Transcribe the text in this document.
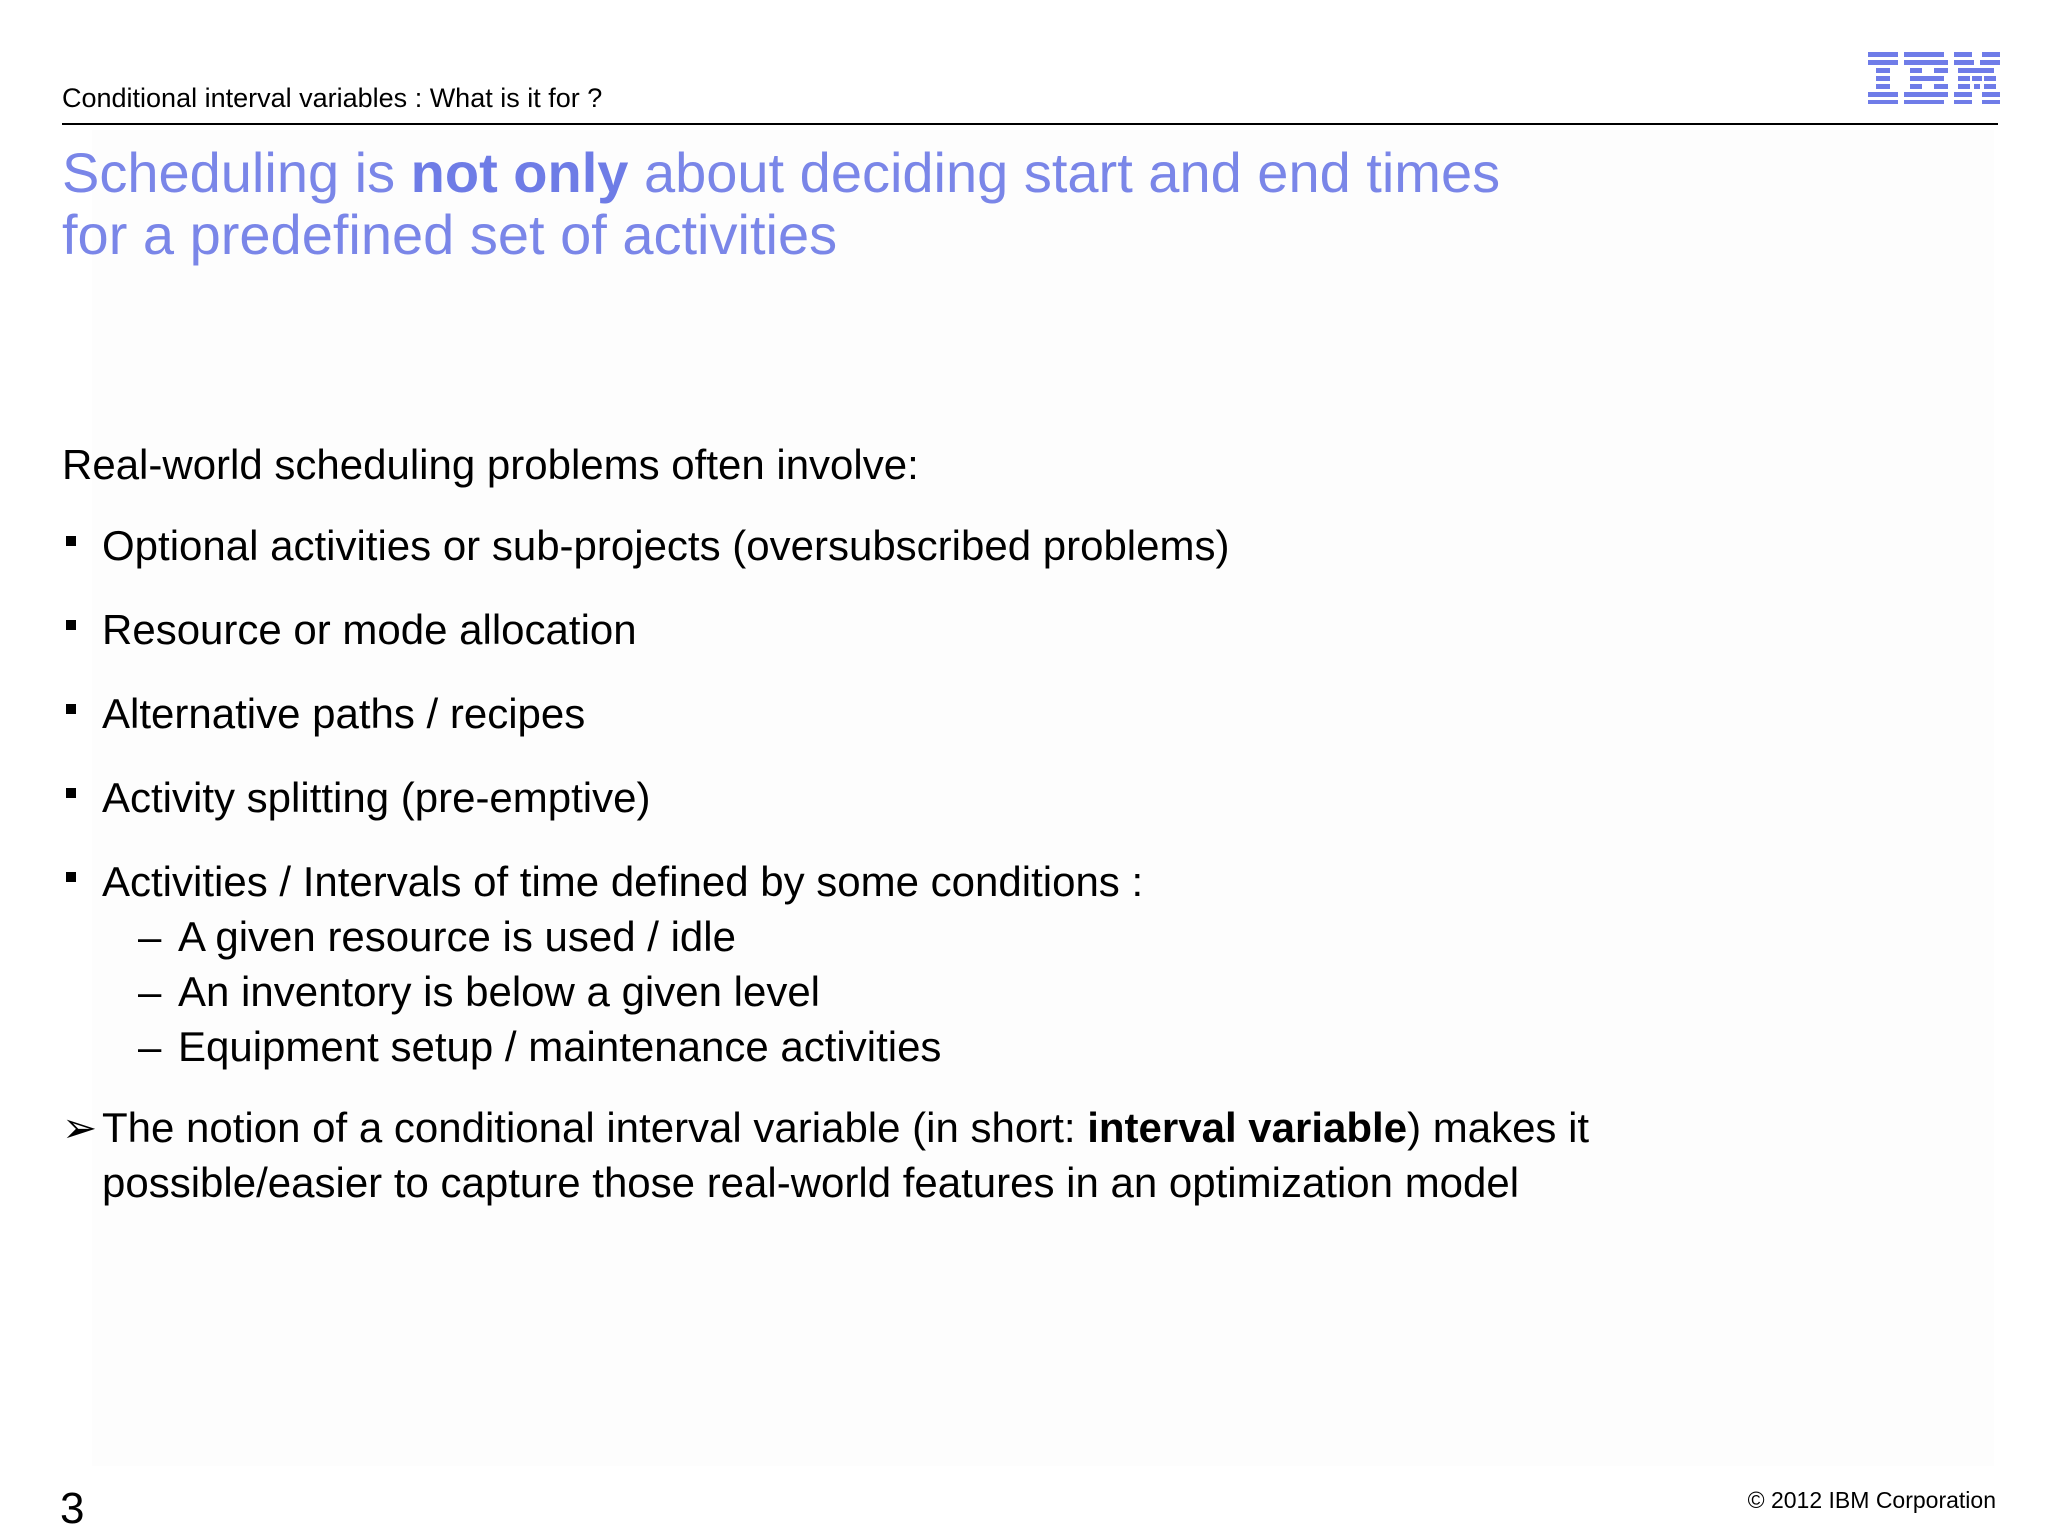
Conditional interval variables : What is it for ?
Scheduling is not only about deciding start and end times
for a predefined set of activities
Real-world scheduling problems often involve:
Optional activities or sub-projects (oversubscribed problems)
Resource or mode allocation
Alternative paths / recipes
Activity splitting (pre-emptive)
Activities / Intervals of time defined by some conditions :
– A given resource is used / idle
– An inventory is below a given level
– Equipment setup / maintenance activities
➢ The notion of a conditional interval variable (in short: interval variable) makes it
possible/easier to capture those real-world features in an optimization model
3	© 2012 IBM Corporation
